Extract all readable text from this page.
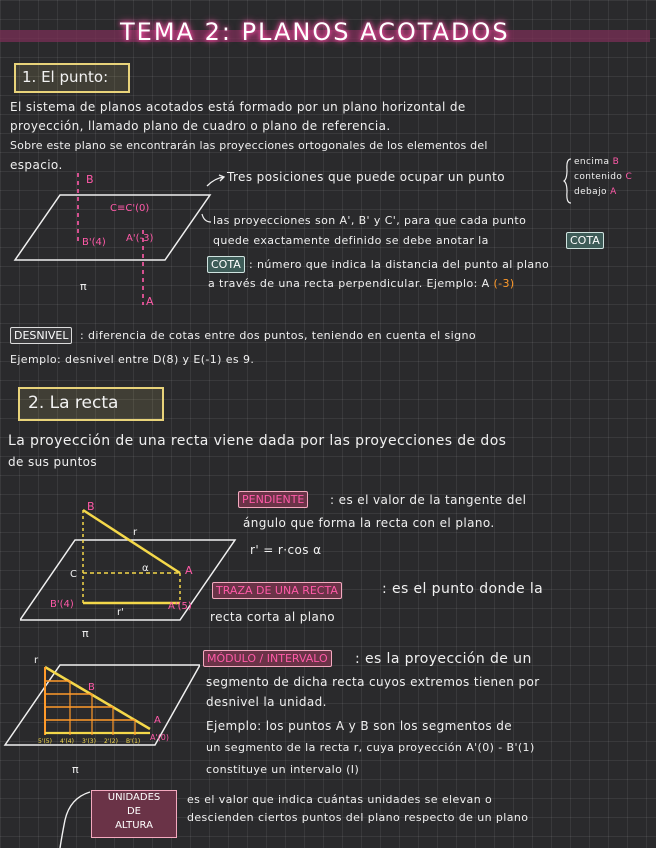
TEMA 2: PLANOS ACOTADOS
1. El punto:
El sistema de planos acotados está formado por un plano horizontal de
proyección, llamado plano de cuadro o plano de referencia.
Sobre este plano se encontrarán las proyecciones ortogonales de los elementos del
espacio.
B
C≡C'(0)
B'(4) A'(-3)
π
A
Tres posiciones que puede ocupar un punto
encima B
contenido C
debajo A
las proyecciones son A', B' y C', para que cada punto
quede exactamente definido se debe anotar la	COTA
COTA : número que indica la distancia del punto al plano
a través de una recta perpendicular. Ejemplo: A (-3)
DESNIVEL	: diferencia de cotas entre dos puntos, teniendo en cuenta el signo
Ejemplo: desnivel entre D(8) y E(-1) es 9.
2. La recta
La proyección de una recta viene dada por las proyecciones de dos
de sus puntos
B
r
α	A
C
B'(4)
r'
A'(5)
π
PENDIENTE	: es el valor de la tangente del
ángulo que forma la recta con el plano.
r' = r·cos α
TRAZA DE UNA RECTA	: es el punto donde la
recta corta al plano
r
B
A
A'(0)
π
5'(5) 4'(4) 3'(3) 2'(2) B'(1)
MÓDULO / INTERVALO : es la proyección de un
segmento de dicha recta cuyos extremos tienen por
desnivel la unidad.
Ejemplo: los puntos A y B son los segmentos de
un segmento de la recta r, cuya proyección A'(0) - B'(1)
constituye un intervalo (I)
UNIDADES
DE
ALTURA
es el valor que indica cuántas unidades se elevan o
descienden ciertos puntos del plano respecto de un plano
